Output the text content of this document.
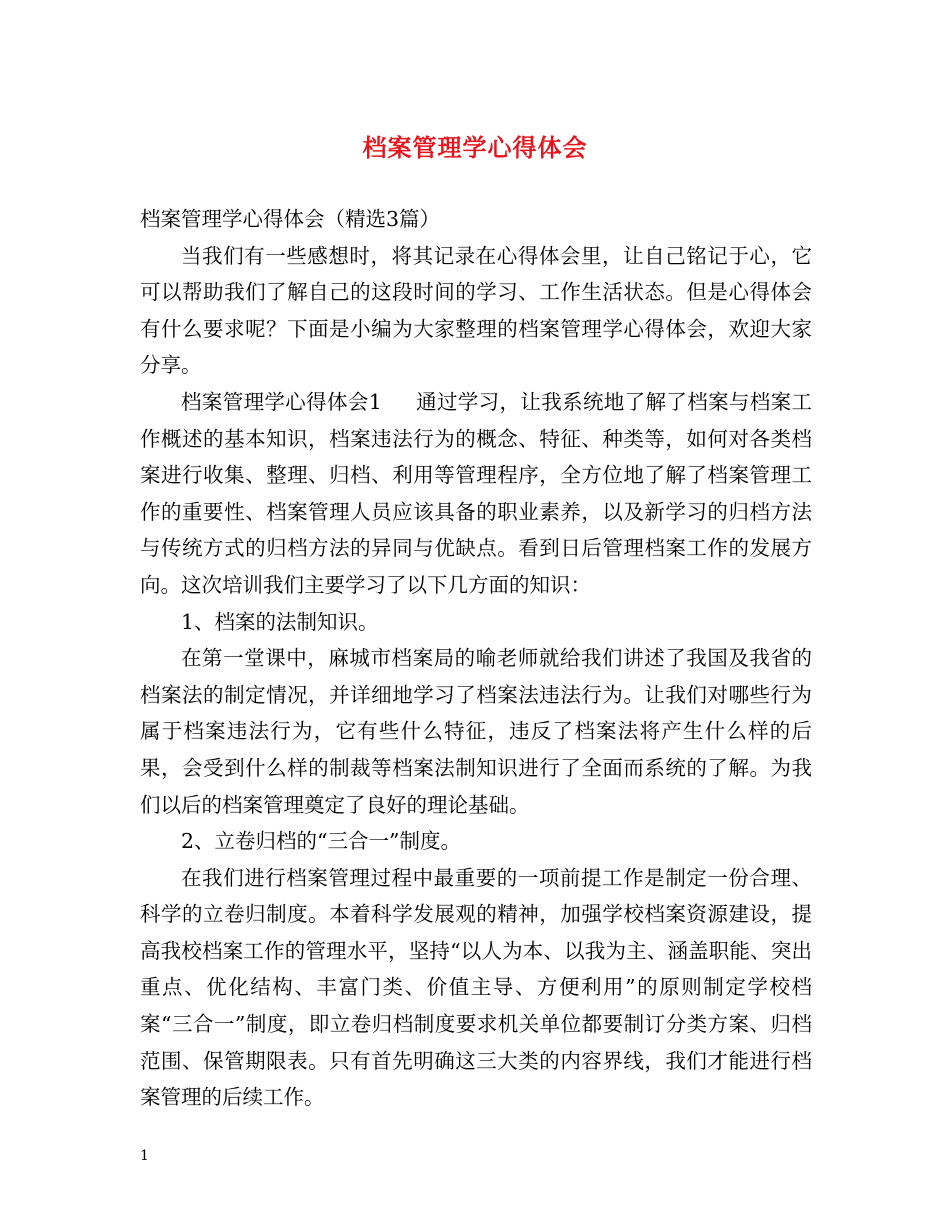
档案管理学心得体会

档案管理学心得体会（精选3篇）

当我们有一些感想时，将其记录在心得体会里，让自己铭记于心，它可以帮助我们了解自己的这段时间的学习、工作生活状态。但是心得体会有什么要求呢？下面是小编为大家整理的档案管理学心得体会，欢迎大家分享。

档案管理学心得体会1 通过学习，让我系统地了解了档案与档案工作概述的基本知识，档案违法行为的概念、特征、种类等，如何对各类档案进行收集、整理、归档、利用等管理程序，全方位地了解了档案管理工作的重要性、档案管理人员应该具备的职业素养，以及新学习的归档方法与传统方式的归档方法的异同与优缺点。看到日后管理档案工作的发展方向。这次培训我们主要学习了以下几方面的知识：

1、档案的法制知识。

在第一堂课中，麻城市档案局的喻老师就给我们讲述了我国及我省的档案法的制定情况，并详细地学习了档案法违法行为。让我们对哪些行为属于档案违法行为，它有些什么特征，违反了档案法将产生什么样的后果，会受到什么样的制裁等档案法制知识进行了全面而系统的了解。为我们以后的档案管理奠定了良好的理论基础。

2、立卷归档的“三合一”制度。

在我们进行档案管理过程中最重要的一项前提工作是制定一份合理、科学的立卷归制度。本着科学发展观的精神，加强学校档案资源建设，提高我校档案工作的管理水平，坚持“以人为本、以我为主、涵盖职能、突出重点、优化结构、丰富门类、价值主导、方便利用”的原则制定学校档案“三合一”制度，即立卷归档制度要求机关单位都要制订分类方案、归档范围、保管期限表。只有首先明确这三大类的内容界线，我们才能进行档案管理的后续工作。

1
